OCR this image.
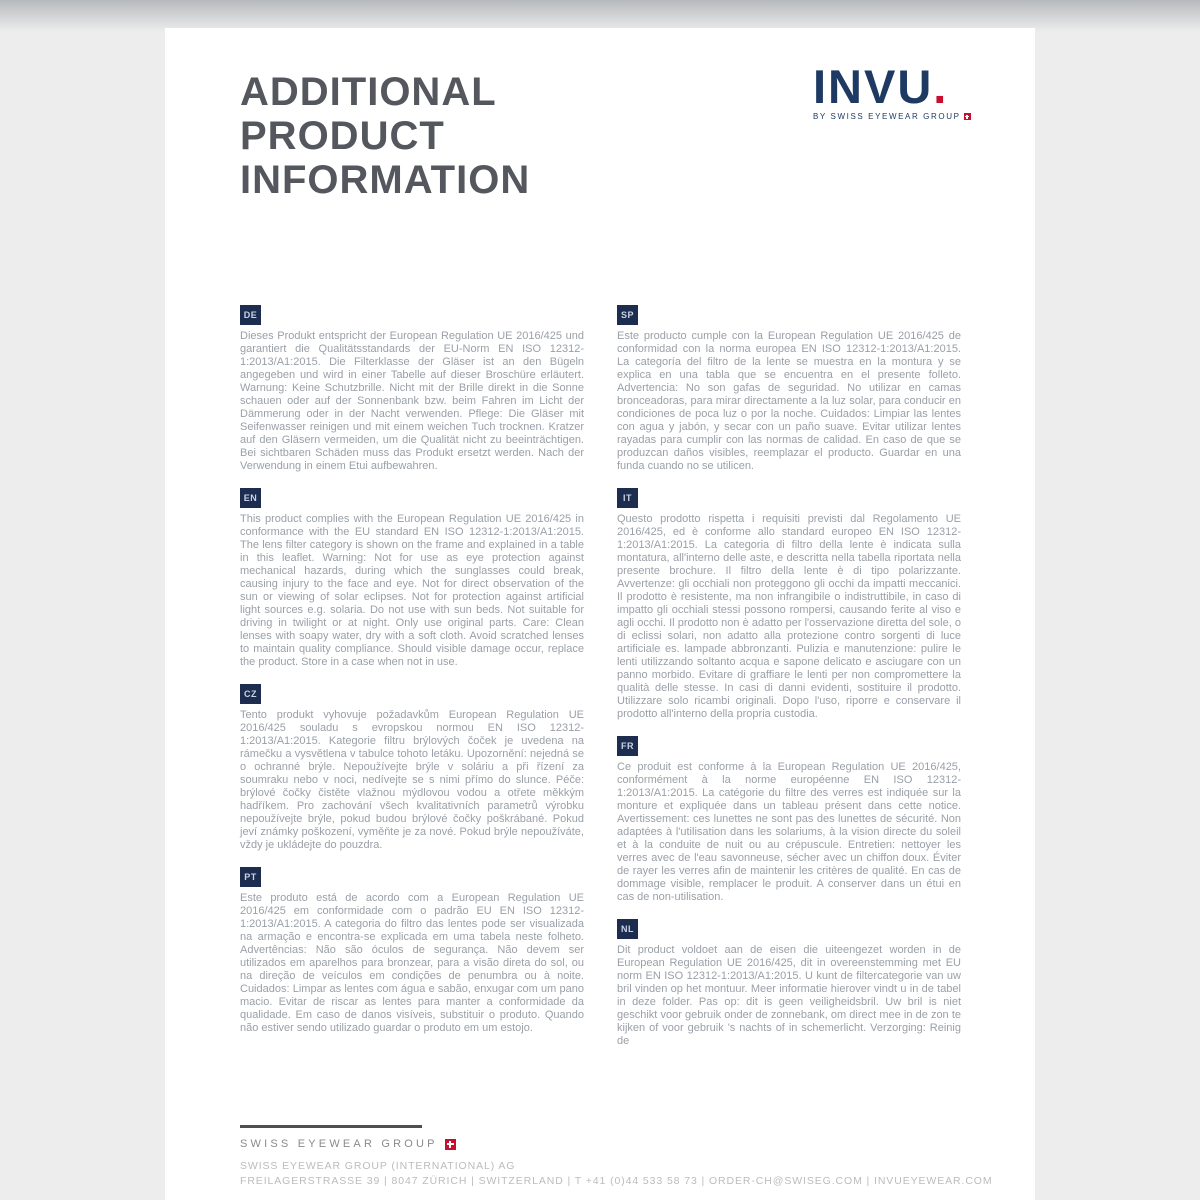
ADDITIONAL
PRODUCT
INFORMATION
INVU.
BY SWISS EYEWEAR GROUP
DE

Dieses Produkt entspricht der European Regulation UE 2016/425 und garantiert die Qualitätsstandards der EU-Norm EN ISO 12312-1:2013/A1:2015. Die Filterklasse der Gläser ist an den Bügeln angegeben und wird in einer Tabelle auf dieser Broschüre erläutert. Warnung: Keine Schutzbrille. Nicht mit der Brille direkt in die Sonne schauen oder auf der Sonnenbank bzw. beim Fahren im Licht der Dämmerung oder in der Nacht verwenden. Pflege: Die Gläser mit Seifenwasser reinigen und mit einem weichen Tuch trocknen. Kratzer auf den Gläsern vermeiden, um die Qualität nicht zu beeinträchtigen. Bei sichtbaren Schäden muss das Produkt ersetzt werden. Nach der Verwendung in einem Etui aufbewahren.

EN

This product complies with the European Regulation UE 2016/425 in conformance with the EU standard EN ISO 12312-1:2013/A1:2015. The lens filter category is shown on the frame and explained in a table in this leaflet. Warning: Not for use as eye protection against mechanical hazards, during which the sunglasses could break, causing injury to the face and eye. Not for direct observation of the sun or viewing of solar eclipses. Not for protection against artificial light sources e.g. solaria. Do not use with sun beds. Not suitable for driving in twilight or at night. Only use original parts. Care: Clean lenses with soapy water, dry with a soft cloth. Avoid scratched lenses to maintain quality compliance. Should visible damage occur, replace the product. Store in a case when not in use.

CZ

Tento produkt vyhovuje požadavkům European Regulation UE 2016/425 souladu s evropskou normou EN ISO 12312-1:2013/A1:2015. Kategorie filtru brýlových čoček je uvedena na rámečku a vysvětlena v tabulce tohoto letáku. Upozornění: nejedná se o ochranné brýle. Nepoužívejte brýle v soláriu a při řízení za soumraku nebo v noci, nedívejte se s nimi přímo do slunce. Péče: brýlové čočky čistěte vlažnou mýdlovou vodou a otřete měkkým hadříkem. Pro zachování všech kvalitativních parametrů výrobku nepoužívejte brýle, pokud budou brýlové čočky poškrábané. Pokud jeví známky poškození, vyměňte je za nové. Pokud brýle nepoužíváte, vždy je ukládejte do pouzdra.

PT

Este produto está de acordo com a European Regulation UE 2016/425 em conformidade com o padrão EU EN ISO 12312-1:2013/A1:2015. A categoria do filtro das lentes pode ser visualizada na armação e encontra-se explicada em uma tabela neste folheto. Advertências: Não são óculos de segurança. Não devem ser utilizados em aparelhos para bronzear, para a visão direta do sol, ou na direção de veículos em condições de penumbra ou à noite. Cuidados: Limpar as lentes com água e sabão, enxugar com um pano macio. Evitar de riscar as lentes para manter a conformidade da qualidade. Em caso de danos visíveis, substituir o produto. Quando não estiver sendo utilizado guardar o produto em um estojo.

SP

Este producto cumple con la European Regulation UE 2016/425 de conformidad con la norma europea EN ISO 12312-1:2013/A1:2015. La categoría del filtro de la lente se muestra en la montura y se explica en una tabla que se encuentra en el presente folleto. Advertencia: No son gafas de seguridad. No utilizar en camas bronceadoras, para mirar directamente a la luz solar, para conducir en condiciones de poca luz o por la noche. Cuidados: Limpiar las lentes con agua y jabón, y secar con un paño suave. Evitar utilizar lentes rayadas para cumplir con las normas de calidad. En caso de que se produzcan daños visibles, reemplazar el producto. Guardar en una funda cuando no se utilicen.

IT

Questo prodotto rispetta i requisiti previsti dal Regolamento UE 2016/425, ed è conforme allo standard europeo EN ISO 12312-1:2013/A1:2015. La categoria di filtro della lente è indicata sulla montatura, all'interno delle aste, e descritta nella tabella riportata nella presente brochure. Il filtro della lente è di tipo polarizzante. Avvertenze: gli occhiali non proteggono gli occhi da impatti meccanici. Il prodotto è resistente, ma non infrangibile o indistruttibile, in caso di impatto gli occhiali stessi possono rompersi, causando ferite al viso e agli occhi. Il prodotto non è adatto per l'osservazione diretta del sole, o di eclissi solari, non adatto alla protezione contro sorgenti di luce artificiale es. lampade abbronzanti. Pulizia e manutenzione: pulire le lenti utilizzando soltanto acqua e sapone delicato e asciugare con un panno morbido. Evitare di graffiare le lenti per non compromettere la qualità delle stesse. In casi di danni evidenti, sostituire il prodotto. Utilizzare solo ricambi originali. Dopo l'uso, riporre e conservare il prodotto all'interno della propria custodia.

FR

Ce produit est conforme à la European Regulation UE 2016/425, conformément à la norme européenne EN ISO 12312-1:2013/A1:2015. La catégorie du filtre des verres est indiquée sur la monture et expliquée dans un tableau présent dans cette notice. Avertissement: ces lunettes ne sont pas des lunettes de sécurité. Non adaptées à l'utilisation dans les solariums, à la vision directe du soleil et à la conduite de nuit ou au crépuscule. Entretien: nettoyer les verres avec de l'eau savonneuse, sécher avec un chiffon doux. Éviter de rayer les verres afin de maintenir les critères de qualité. En cas de dommage visible, remplacer le produit. A conserver dans un étui en cas de non-utilisation.

NL

Dit product voldoet aan de eisen die uiteengezet worden in de European Regulation UE 2016/425, dit in overeenstemming met EU norm EN ISO 12312-1:2013/A1:2015. U kunt de filtercategorie van uw bril vinden op het montuur. Meer informatie hierover vindt u in de tabel in deze folder. Pas op: dit is geen veiligheidsbril. Uw bril is niet geschikt voor gebruik onder de zonnebank, om direct mee in de zon te kijken of voor gebruik 's nachts of in schemerlicht. Verzorging: Reinig de

SWISS EYEWEAR GROUP
SWISS EYEWEAR GROUP (INTERNATIONAL) AG
FREILAGERSTRASSE 39 | 8047 ZÜRICH | SWITZERLAND | T +41 (0)44 533 58 73 | ORDER-CH@SWISEG.COM | INVUEYEWEAR.COM
